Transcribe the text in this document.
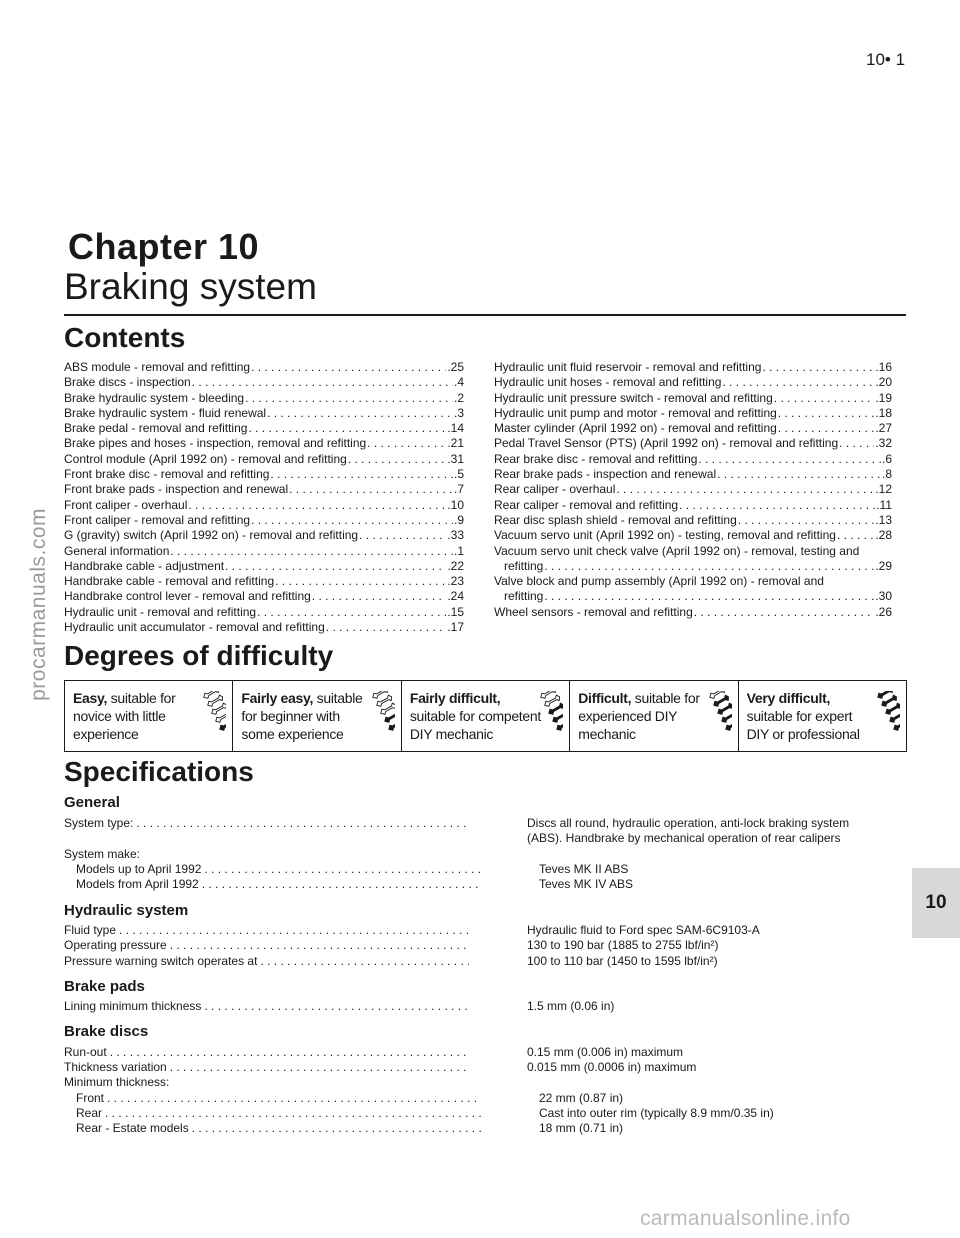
10• 1
Chapter 10
Braking system
Contents
ABS module - removal and refitting . . .	.25
Brake discs - inspection . . .	.4
Brake hydraulic system - bleeding . . .	.2
Brake hydraulic system - fluid renewal . . .	.3
Brake pedal - removal and refitting . . .	.14
Brake pipes and hoses - inspection, removal and refitting . . .	.21
Control module (April 1992 on) - removal and refitting . . .	.31
Front brake disc - removal and refitting . . .	.5
Front brake pads - inspection and renewal . . .	.7
Front caliper - overhaul . . .	.10
Front caliper - removal and refitting . . .	.9
G (gravity) switch (April 1992 on) - removal and refitting . . .	.33
General information . . .	.1
Handbrake cable - adjustment . . .	.22
Handbrake cable - removal and refitting . . .	.23
Handbrake control lever - removal and refitting . . .	.24
Hydraulic unit - removal and refitting . . .	.15
Hydraulic unit accumulator - removal and refitting . . .	.17
Hydraulic unit fluid reservoir - removal and refitting . . .	.16
Hydraulic unit hoses - removal and refitting . . .	.20
Hydraulic unit pressure switch - removal and refitting . . .	.19
Hydraulic unit pump and motor - removal and refitting . . .	.18
Master cylinder (April 1992 on) - removal and refitting . . .	.27
Pedal Travel Sensor (PTS) (April 1992 on) - removal and refitting . . .	.32
Rear brake disc - removal and refitting . . .	.6
Rear brake pads - inspection and renewal . . .	.8
Rear caliper - overhaul . . .	.12
Rear caliper - removal and refitting . . .	.11
Rear disc splash shield - removal and refitting . . .	.13
Vacuum servo unit (April 1992 on) - testing, removal and refitting . . .	.28
Vacuum servo unit check valve (April 1992 on) - removal, testing and
refitting . . .	.29
Valve block and pump assembly (April 1992 on) - removal and
refitting . . .	.30
Wheel sensors - removal and refitting . . .	.26
Degrees of difficulty
Easy, suitable for
novice with little
experience
Fairly easy, suitable
for beginner with
some experience
Fairly difficult,
suitable for competent
DIY mechanic
Difficult, suitable for
experienced DIY
mechanic
Very difficult,
suitable for expert
DIY or professional
Specifications
General
System type: . . .	Discs all round, hydraulic operation, anti-lock braking system
(ABS). Handbrake by mechanical operation of rear calipers
System make:
Models up to April 1992 . . .	Teves MK II ABS
Models from April 1992 . . .	Teves MK IV ABS
Hydraulic system
Fluid type . . .	Hydraulic fluid to Ford spec SAM-6C9103-A
Operating pressure . . .	130 to 190 bar (1885 to 2755 lbf/in²)
Pressure warning switch operates at . . .	100 to 110 bar (1450 to 1595 lbf/in²)
Brake pads
Lining minimum thickness . . .	1.5 mm (0.06 in)
Brake discs
Run-out . . .	0.15 mm (0.006 in) maximum
Thickness variation . . .	0.015 mm (0.0006 in) maximum
Minimum thickness:
Front . . .	22 mm (0.87 in)
Rear . . .	Cast into outer rim (typically 8.9 mm/0.35 in)
Rear - Estate models . . .	18 mm (0.71 in)
10
procarmanuals.com
carmanualsonline.info
